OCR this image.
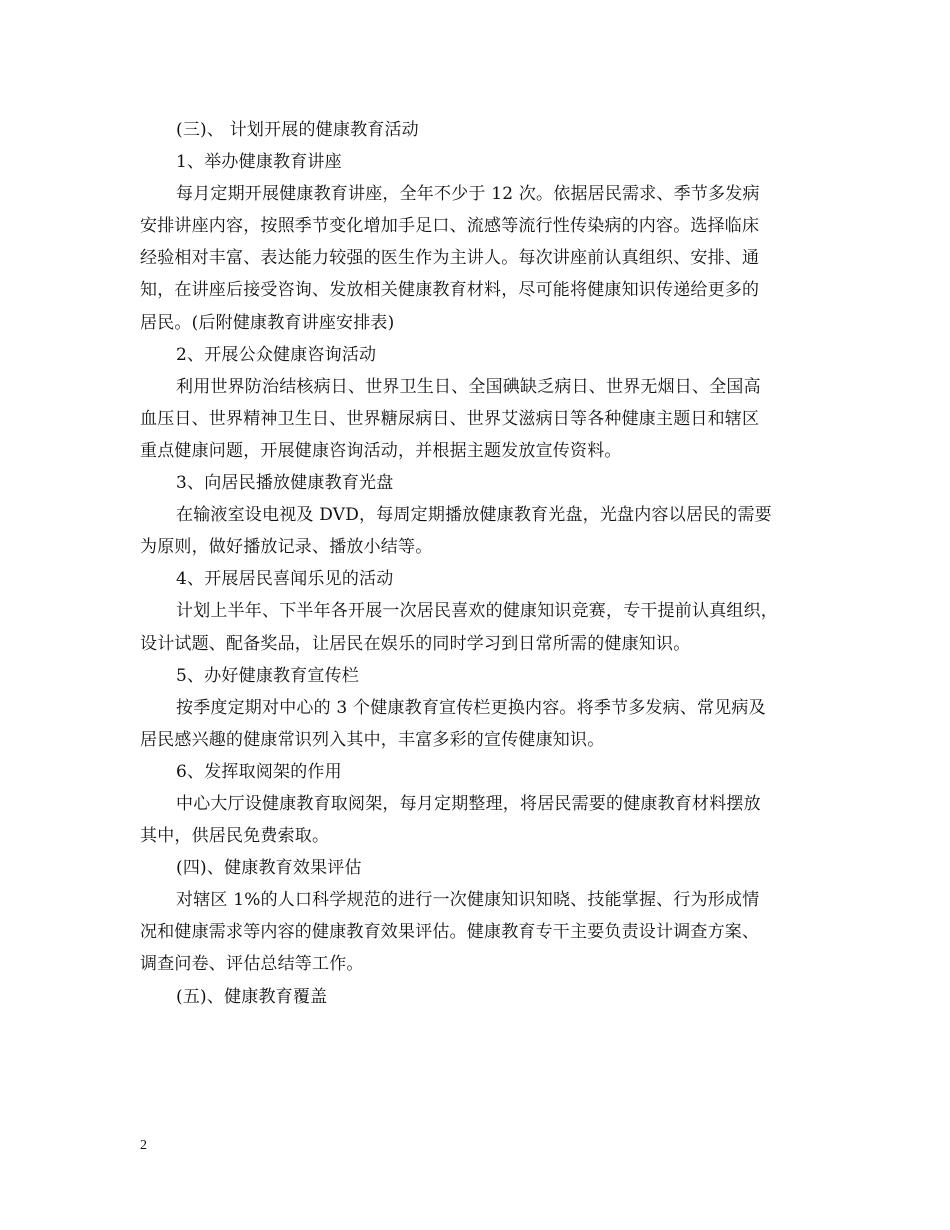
(三)、 计划开展的健康教育活动
1、举办健康教育讲座
每月定期开展健康教育讲座，全年不少于 12 次。依据居民需求、季节多发病
安排讲座内容，按照季节变化增加手足口、流感等流行性传染病的内容。选择临床
经验相对丰富、表达能力较强的医生作为主讲人。每次讲座前认真组织、安排、通
知，在讲座后接受咨询、发放相关健康教育材料，尽可能将健康知识传递给更多的
居民。(后附健康教育讲座安排表)
2、开展公众健康咨询活动
利用世界防治结核病日、世界卫生日、全国碘缺乏病日、世界无烟日、全国高
血压日、世界精神卫生日、世界糖尿病日、世界艾滋病日等各种健康主题日和辖区
重点健康问题，开展健康咨询活动，并根据主题发放宣传资料。
3、向居民播放健康教育光盘
在输液室设电视及 DVD，每周定期播放健康教育光盘，光盘内容以居民的需要
为原则，做好播放记录、播放小结等。
4、开展居民喜闻乐见的活动
计划上半年、下半年各开展一次居民喜欢的健康知识竞赛，专干提前认真组织，
设计试题、配备奖品，让居民在娱乐的同时学习到日常所需的健康知识。
5、办好健康教育宣传栏
按季度定期对中心的 3 个健康教育宣传栏更换内容。将季节多发病、常见病及
居民感兴趣的健康常识列入其中，丰富多彩的宣传健康知识。
6、发挥取阅架的作用
中心大厅设健康教育取阅架，每月定期整理，将居民需要的健康教育材料摆放
其中，供居民免费索取。
(四)、健康教育效果评估
对辖区 1%的人口科学规范的进行一次健康知识知晓、技能掌握、行为形成情
况和健康需求等内容的健康教育效果评估。健康教育专干主要负责设计调查方案、
调查问卷、评估总结等工作。
(五)、健康教育覆盖
2
